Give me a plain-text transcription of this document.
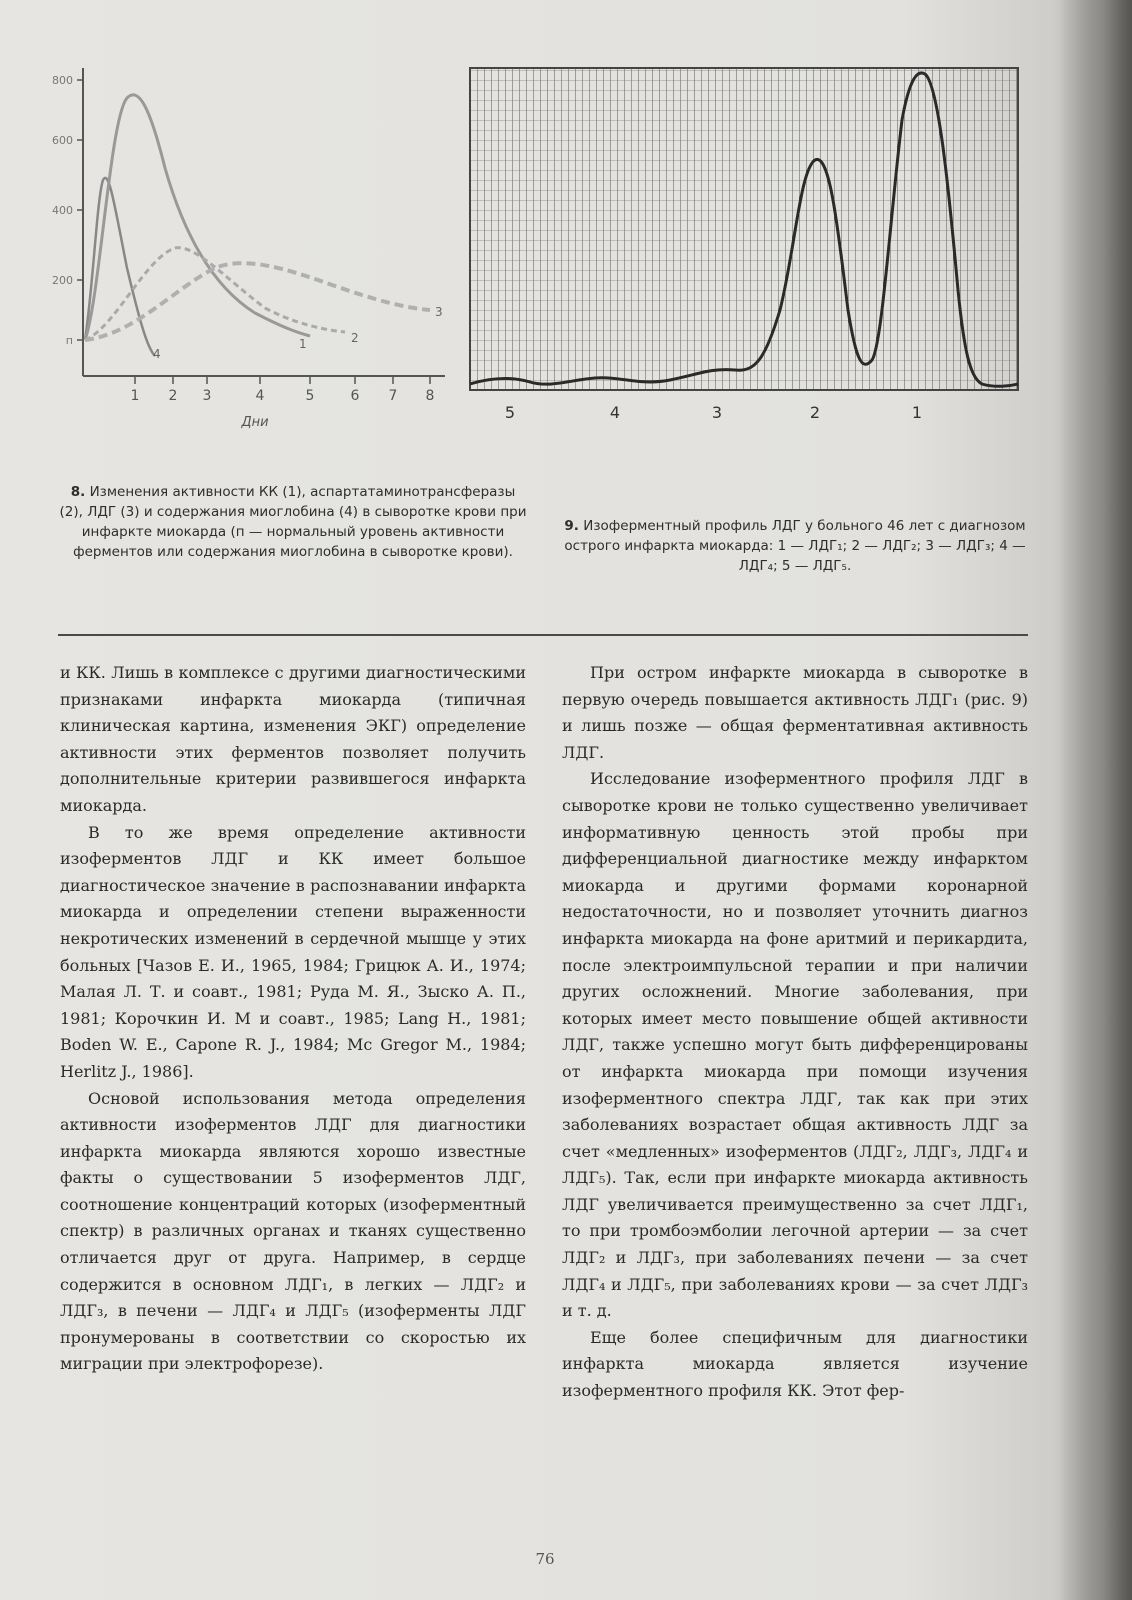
800
600
400
200
п
1 2 3	4	5	6 7 8
Дни
1	2
3
4
5	4	3	2	1
8. Изменения активности КК (1), аспартатаминотрансферазы (2), ЛДГ (3) и содержания миоглобина (4) в сыворотке крови при инфаркте миокарда (п — нормальный уровень активности ферментов или содержания миоглобина в сыворотке крови).
9. Изоферментный профиль ЛДГ у больного 46 лет с диагнозом острого инфаркта миокарда: 1 — ЛДГ₁; 2 — ЛДГ₂; 3 — ЛДГ₃; 4 — ЛДГ₄; 5 — ЛДГ₅.

и КК. Лишь в комплексе с другими диагностическими признаками инфаркта миокарда (типичная клиническая картина, изменения ЭКГ) определение активности этих ферментов позволяет получить дополнительные критерии развившегося инфаркта миокарда.

В то же время определение активности изоферментов ЛДГ и КК имеет большое диагностическое значение в распознавании инфаркта миокарда и определении степени выраженности некротических изменений в сердечной мышце у этих больных [Чазов Е. И., 1965, 1984; Грицюк А. И., 1974; Малая Л. Т. и соавт., 1981; Руда М. Я., Зыско А. П., 1981; Корочкин И. М и соавт., 1985; Lang H., 1981; Boden W. E., Capone R. J., 1984; Mc Gregor M., 1984; Herlitz J., 1986].

Основой использования метода определения активности изоферментов ЛДГ для диагностики инфаркта миокарда являются хорошо известные факты о существовании 5 изоферментов ЛДГ, соотношение концентраций которых (изоферментный спектр) в различных органах и тканях существенно отличается друг от друга. Например, в сердце содержится в основном ЛДГ₁, в легких — ЛДГ₂ и ЛДГ₃, в печени — ЛДГ₄ и ЛДГ₅ (изоферменты ЛДГ пронумерованы в соответствии со скоростью их миграции при электрофорезе).

При остром инфаркте миокарда в сыворотке в первую очередь повышается активность ЛДГ₁ (рис. 9) и лишь позже — общая ферментативная активность ЛДГ.

Исследование изоферментного профиля ЛДГ в сыворотке крови не только существенно увеличивает информативную ценность этой пробы при дифференциальной диагностике между инфарктом миокарда и другими формами коронарной недостаточности, но и позволяет уточнить диагноз инфаркта миокарда на фоне аритмий и перикардита, после электроимпульсной терапии и при наличии других осложнений. Многие заболевания, при которых имеет место повышение общей активности ЛДГ, также успешно могут быть дифференцированы от инфаркта миокарда при помощи изучения изоферментного спектра ЛДГ, так как при этих заболеваниях возрастает общая активность ЛДГ за счет «медленных» изоферментов (ЛДГ₂, ЛДГ₃, ЛДГ₄ и ЛДГ₅). Так, если при инфаркте миокарда активность ЛДГ увеличивается преимущественно за счет ЛДГ₁, то при тромбоэмболии легочной артерии — за счет ЛДГ₂ и ЛДГ₃, при заболеваниях печени — за счет ЛДГ₄ и ЛДГ₅, при заболеваниях крови — за счет ЛДГ₃ и т. д.

Еще более специфичным для диагностики инфаркта миокарда является изучение изоферментного профиля КК. Этот фер-

76
